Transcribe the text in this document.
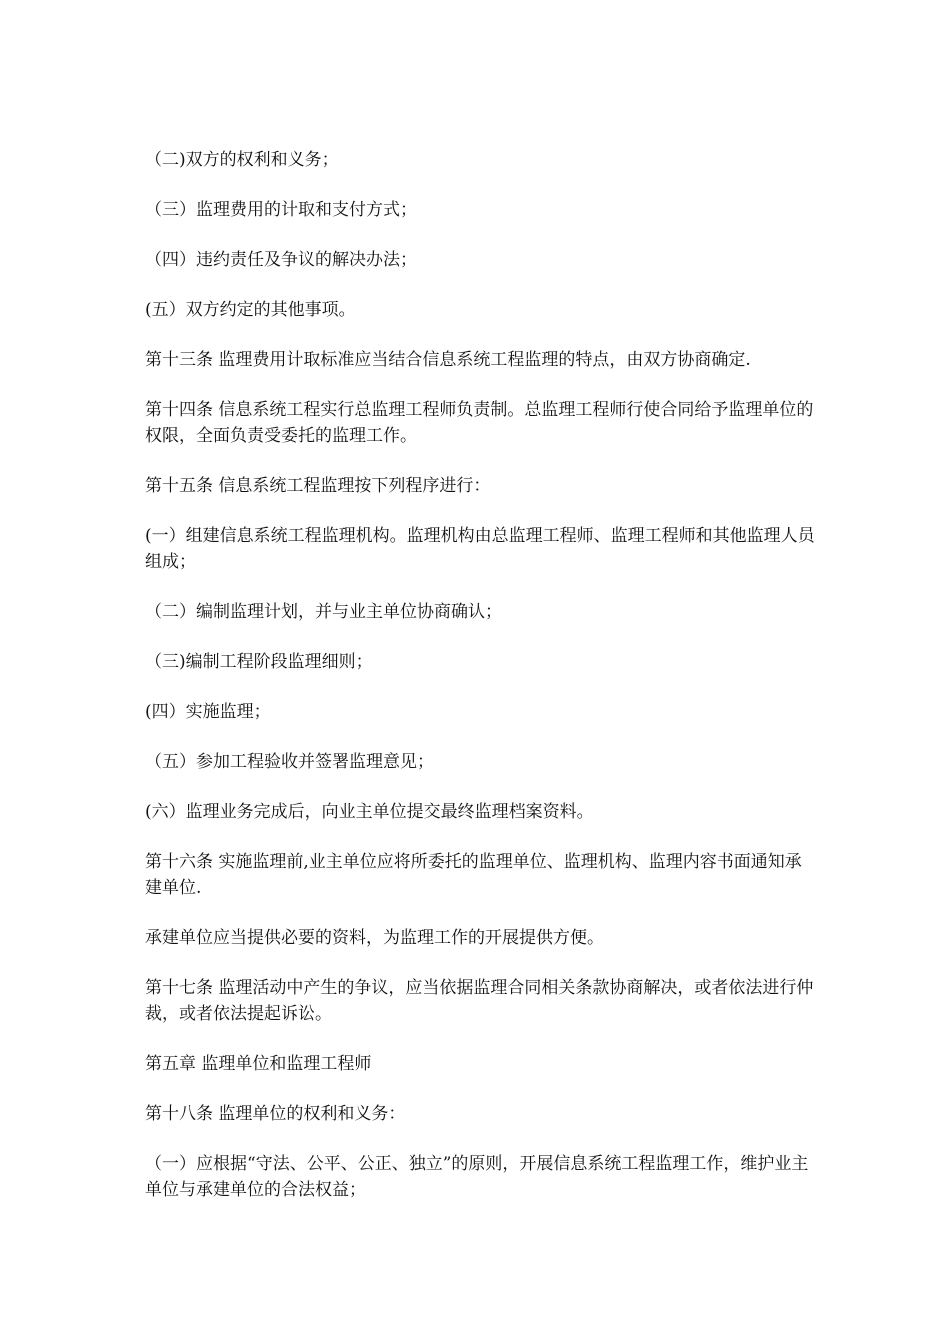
（二)双方的权利和义务；

（三）监理费用的计取和支付方式；

（四）违约责任及争议的解决办法；

(五）双方约定的其他事项。

第十三条 监理费用计取标准应当结合信息系统工程监理的特点，由双方协商确定.

第十四条 信息系统工程实行总监理工程师负责制。总监理工程师行使合同给予监理单位的权限，全面负责受委托的监理工作。

第十五条 信息系统工程监理按下列程序进行：

(一）组建信息系统工程监理机构。监理机构由总监理工程师、监理工程师和其他监理人员组成；

（二）编制监理计划，并与业主单位协商确认；

（三)编制工程阶段监理细则；

(四）实施监理；

（五）参加工程验收并签署监理意见；

(六）监理业务完成后，向业主单位提交最终监理档案资料。

第十六条 实施监理前,业主单位应将所委托的监理单位、监理机构、监理内容书面通知承建单位.

承建单位应当提供必要的资料，为监理工作的开展提供方便。

第十七条 监理活动中产生的争议，应当依据监理合同相关条款协商解决，或者依法进行仲裁，或者依法提起诉讼。

第五章 监理单位和监理工程师

第十八条 监理单位的权利和义务：

（一）应根据“守法、公平、公正、独立”的原则，开展信息系统工程监理工作，维护业主单位与承建单位的合法权益；
